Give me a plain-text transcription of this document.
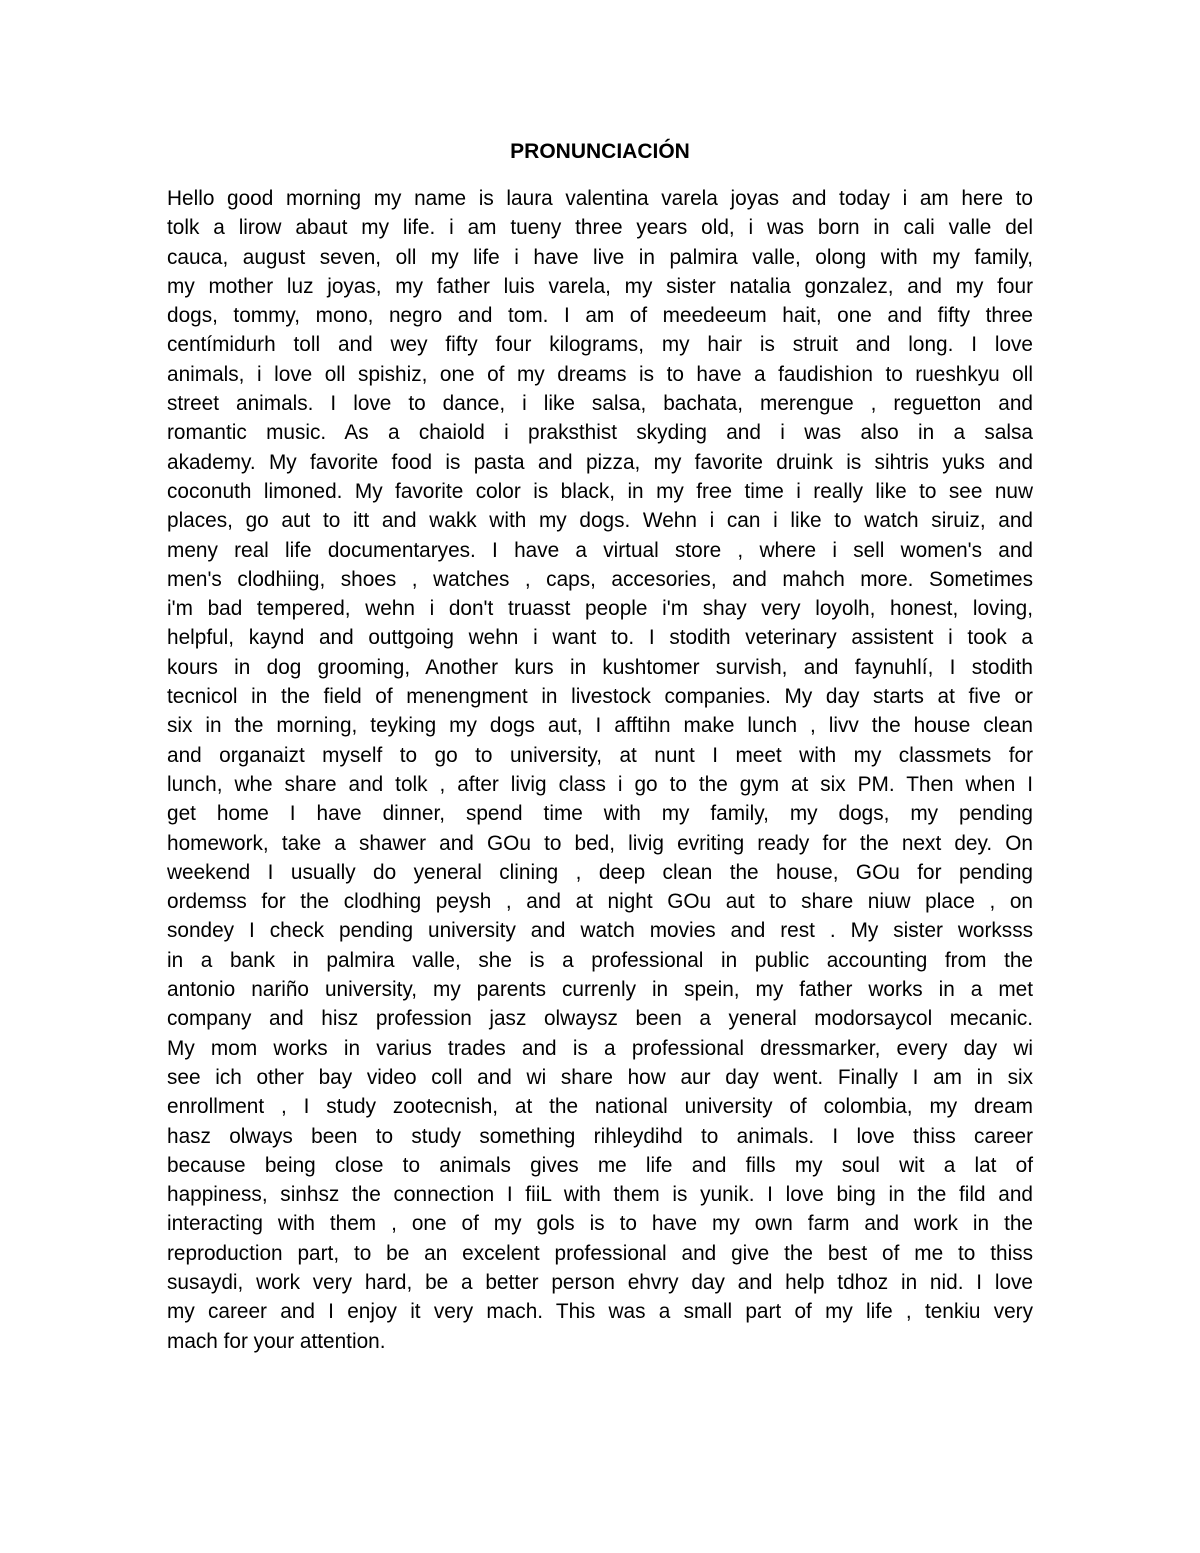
PRONUNCIACIÓN
Hello good morning my name is laura valentina varela joyas and today i am here to
tolk a lirow abaut my life. i am tueny three years old, i was born in cali valle del
cauca, august seven, oll my life i have live in palmira valle, olong with my family,
my mother luz joyas, my father luis varela, my sister natalia gonzalez, and my four
dogs, tommy, mono, negro and tom. I am of meedeeum hait, one and fifty three
centímidurh toll and wey fifty four kilograms, my hair is struit and long. I love
animals, i love oll spishiz, one of my dreams is to have a faudishion to rueshkyu oll
street animals. I love to dance, i like salsa, bachata, merengue , reguetton and
romantic music. As a chaiold i praksthist skyding and i was also in a salsa
akademy. My favorite food is pasta and pizza, my favorite druink is sihtris yuks and
coconuth limoned. My favorite color is black, in my free time i really like to see nuw
places, go aut to itt and wakk with my dogs. Wehn i can i like to watch siruiz, and
meny real life documentaryes. I have a virtual store , where i sell women's and
men's clodhiing, shoes , watches , caps, accesories, and mahch more. Sometimes
i'm bad tempered, wehn i don't truasst people i'm shay very loyolh, honest, loving,
helpful, kaynd and outtgoing wehn i want to. I stodith veterinary assistent i took a
kours in dog grooming, Another kurs in kushtomer survish, and faynuhlí, I stodith
tecnicol in the field of menengment in livestock companies. My day starts at five or
six in the morning, teyking my dogs aut, I afftihn make lunch , livv the house clean
and organaizt myself to go to university, at nunt I meet with my classmets for
lunch, whe share and tolk , after livig class i go to the gym at six PM. Then when I
get home I have dinner, spend time with my family, my dogs, my pending
homework, take a shawer and GOu to bed, livig evriting ready for the next dey. On
weekend I usually do yeneral clining , deep clean the house, GOu for pending
ordemss for the clodhing peysh , and at night GOu aut to share niuw place , on
sondey I check pending university and watch movies and rest . My sister worksss
in a bank in palmira valle, she is a professional in public accounting from the
antonio nariño university, my parents currenly in spein, my father works in a met
company and hisz profession jasz olwaysz been a yeneral modorsaycol mecanic.
My mom works in varius trades and is a professional dressmarker, every day wi
see ich other bay video coll and wi share how aur day went. Finally I am in six
enrollment , I study zootecnish, at the national university of colombia, my dream
hasz olways been to study something rihleydihd to animals. I love thiss career
because being close to animals gives me life and fills my soul wit a lat of
happiness, sinhsz the connection I fiiL with them is yunik. I love bing in the fild and
interacting with them , one of my gols is to have my own farm and work in the
reproduction part, to be an excelent professional and give the best of me to thiss
susaydi, work very hard, be a better person ehvry day and help tdhoz in nid. I love
my career and I enjoy it very mach. This was a small part of my life , tenkiu very
mach for your attention.
